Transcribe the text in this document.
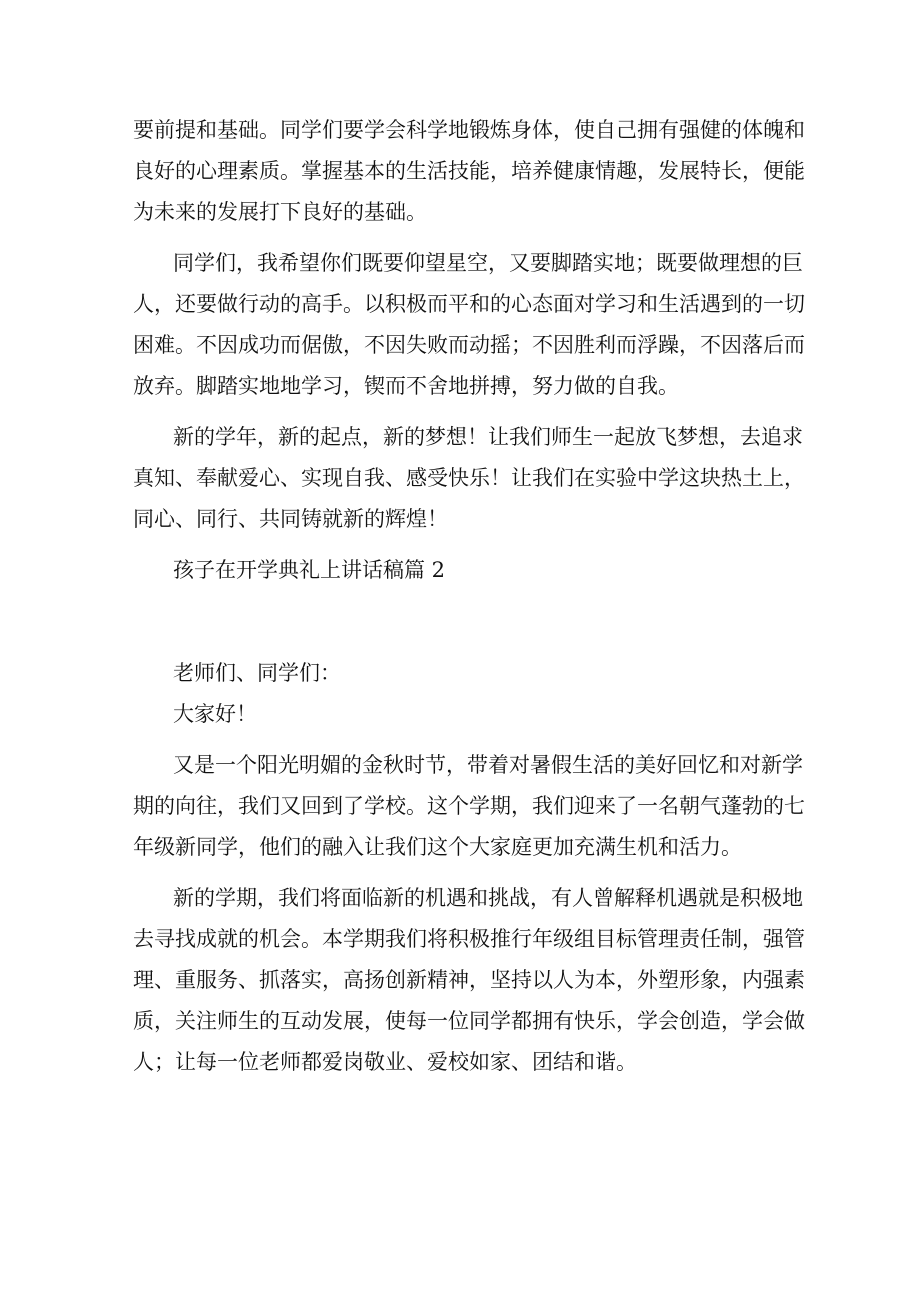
要前提和基础。同学们要学会科学地锻炼身体，使自己拥有强健的体魄和
良好的心理素质。掌握基本的生活技能，培养健康情趣，发展特长，便能
为未来的发展打下良好的基础。
同学们，我希望你们既要仰望星空，又要脚踏实地；既要做理想的巨
人，还要做行动的高手。以积极而平和的心态面对学习和生活遇到的一切
困难。不因成功而倨傲，不因失败而动摇；不因胜利而浮躁，不因落后而
放弃。脚踏实地地学习，锲而不舍地拼搏，努力做的自我。
新的学年，新的起点，新的梦想！让我们师生一起放飞梦想，去追求
真知、奉献爱心、实现自我、感受快乐！让我们在实验中学这块热土上，
同心、同行、共同铸就新的辉煌！
孩子在开学典礼上讲话稿篇 2
老师们、同学们：
大家好！
又是一个阳光明媚的金秋时节，带着对暑假生活的美好回忆和对新学
期的向往，我们又回到了学校。这个学期，我们迎来了一名朝气蓬勃的七
年级新同学，他们的融入让我们这个大家庭更加充满生机和活力。
新的学期，我们将面临新的机遇和挑战，有人曾解释机遇就是积极地
去寻找成就的机会。本学期我们将积极推行年级组目标管理责任制，强管
理、重服务、抓落实，高扬创新精神，坚持以人为本，外塑形象，内强素
质，关注师生的互动发展，使每一位同学都拥有快乐，学会创造，学会做
人；让每一位老师都爱岗敬业、爱校如家、团结和谐。
